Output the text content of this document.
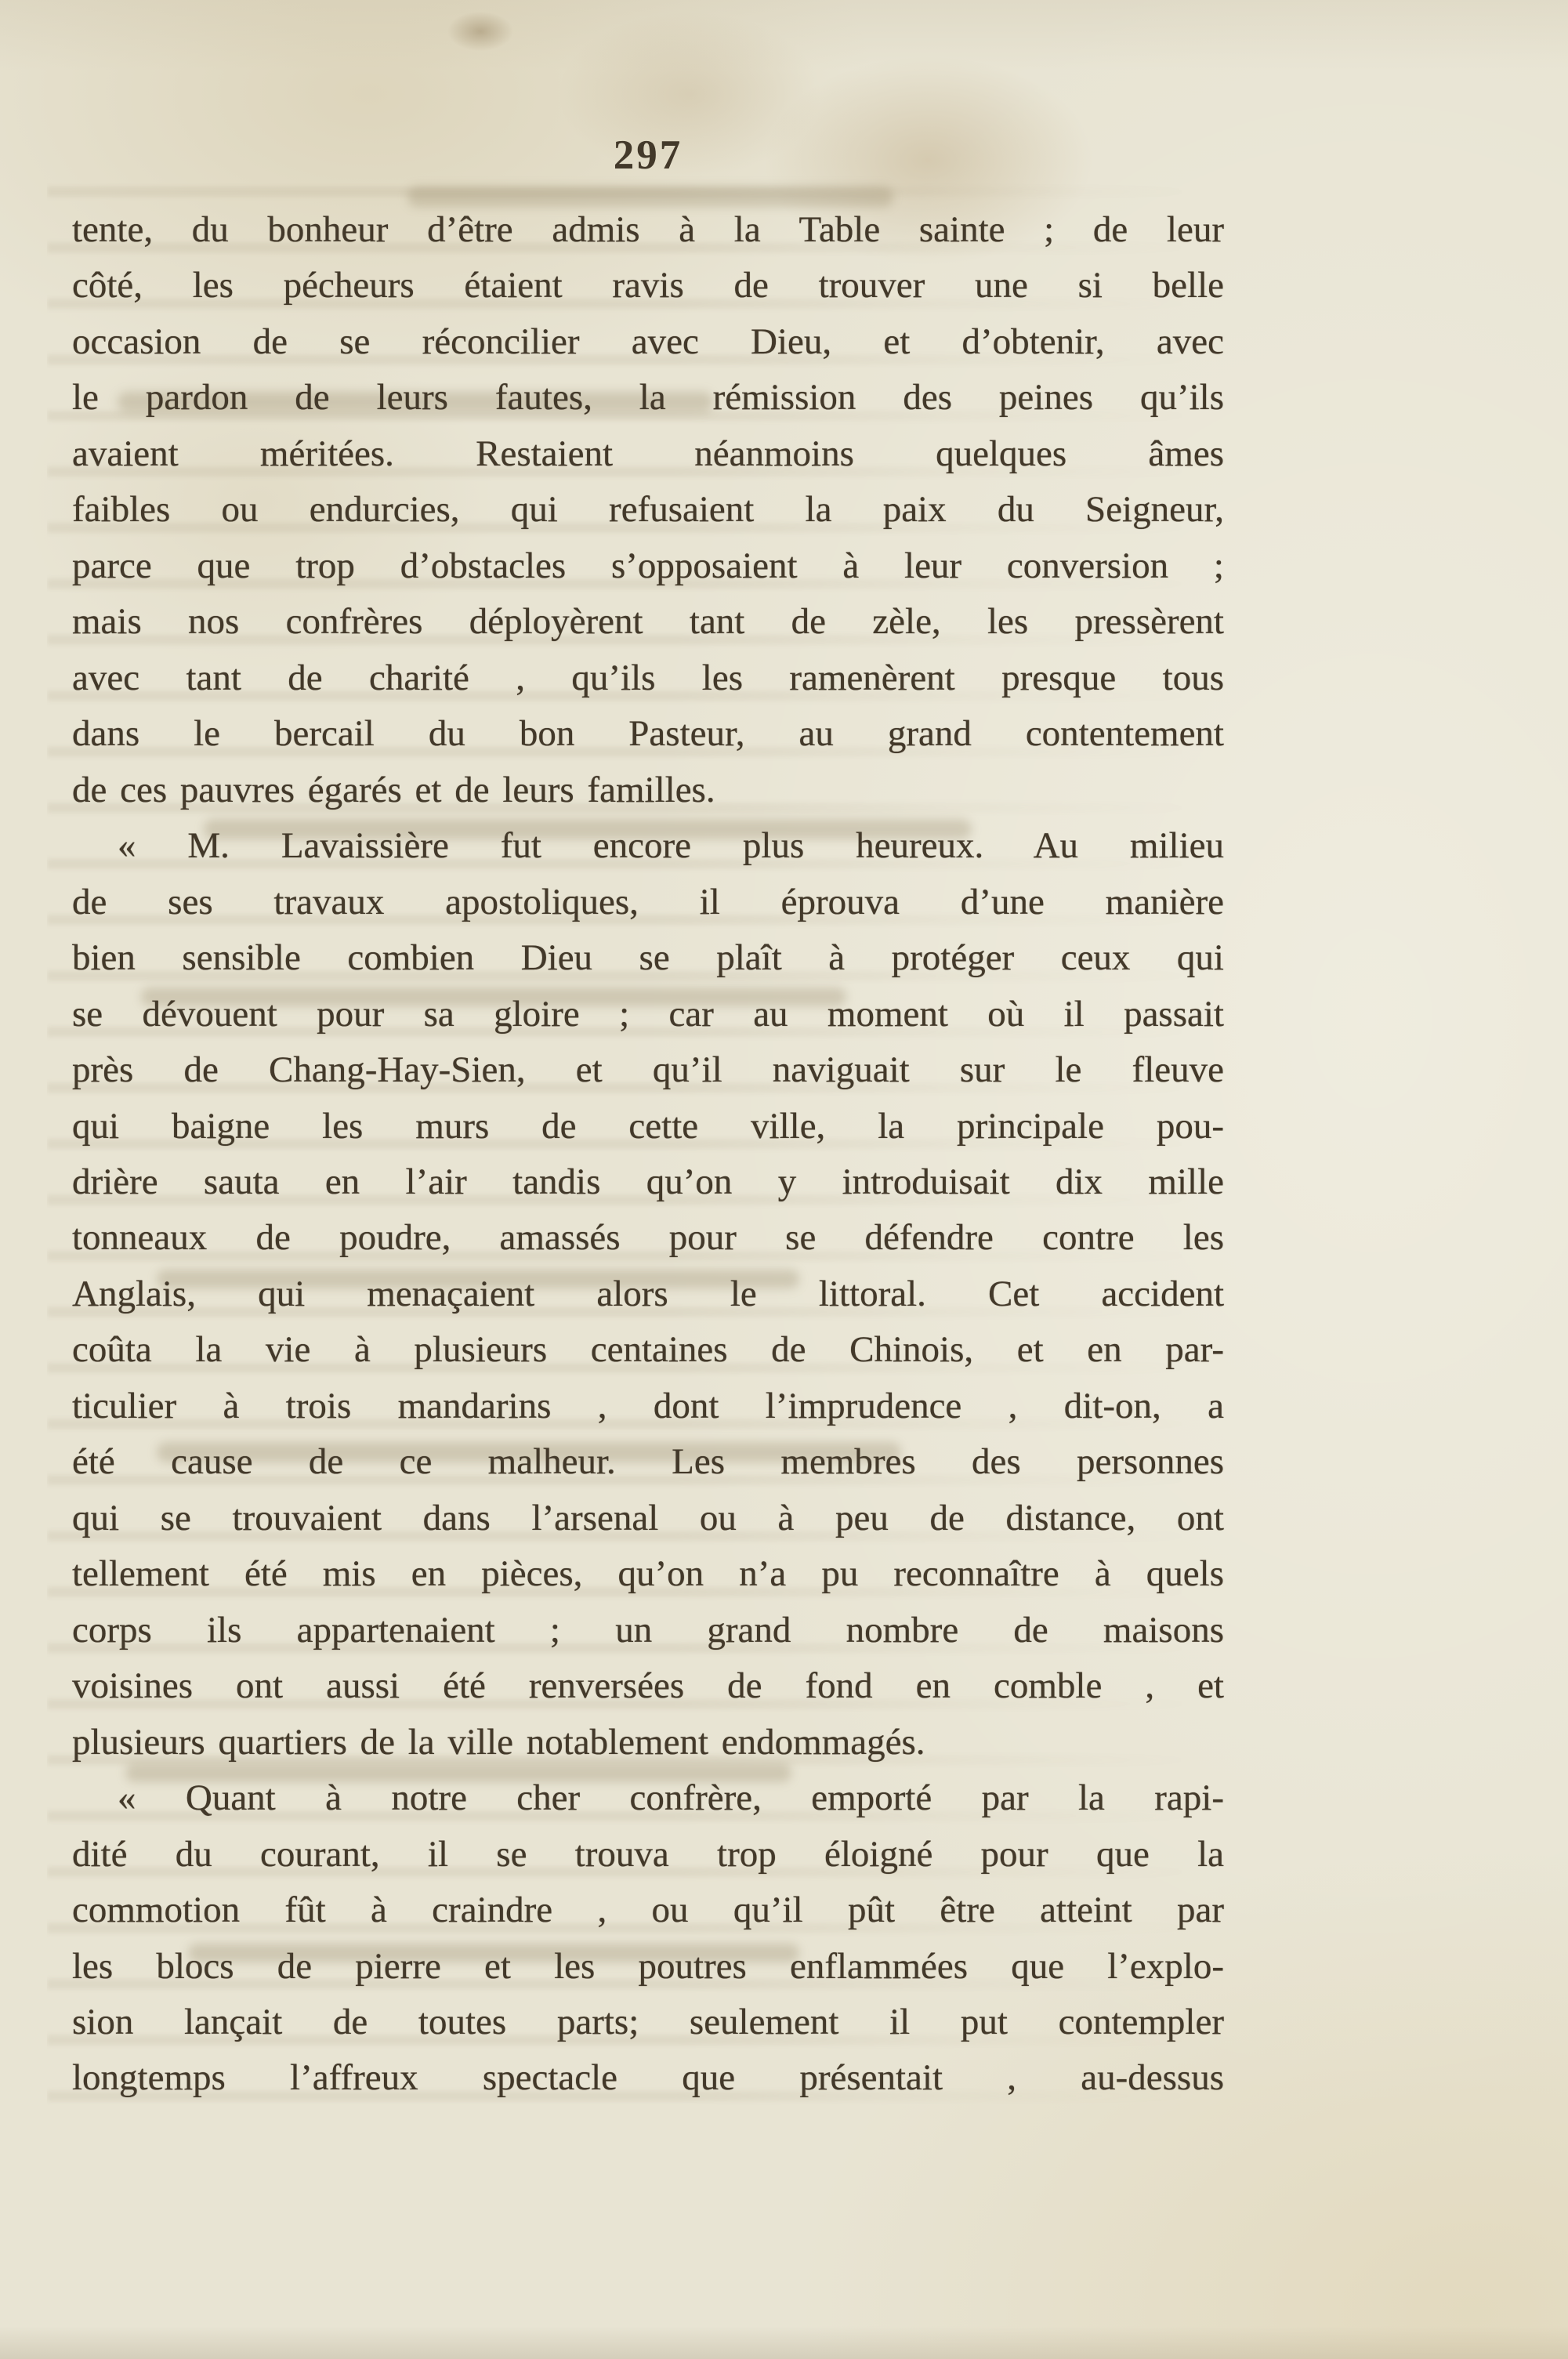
297
tente, du bonheur d’être admis à la Table sainte ; de leur
côté, les pécheurs étaient ravis de trouver une si belle
occasion de se réconcilier avec Dieu, et d’obtenir, avec
le pardon de leurs fautes, la rémission des peines qu’ils
avaient méritées. Restaient néanmoins quelques âmes
faibles ou endurcies, qui refusaient la paix du Seigneur,
parce que trop d’obstacles s’opposaient à leur conversion ;
mais nos confrères déployèrent tant de zèle, les pressèrent
avec tant de charité , qu’ils les ramenèrent presque tous
dans le bercail du bon Pasteur, au grand contentement
de ces pauvres égarés et de leurs familles.
« M. Lavaissière fut encore plus heureux. Au milieu
de ses travaux apostoliques, il éprouva d’une manière
bien sensible combien Dieu se plaît à protéger ceux qui
se dévouent pour sa gloire ; car au moment où il passait
près de Chang-Hay-Sien, et qu’il naviguait sur le fleuve
qui baigne les murs de cette ville, la principale pou-
drière sauta en l’air tandis qu’on y introduisait dix mille
tonneaux de poudre, amassés pour se défendre contre les
Anglais, qui menaçaient alors le littoral. Cet accident
coûta la vie à plusieurs centaines de Chinois, et en par-
ticulier à trois mandarins , dont l’imprudence , dit-on, a
été cause de ce malheur. Les membres des personnes
qui se trouvaient dans l’arsenal ou à peu de distance, ont
tellement été mis en pièces, qu’on n’a pu reconnaître à quels
corps ils appartenaient ; un grand nombre de maisons
voisines ont aussi été renversées de fond en comble , et
plusieurs quartiers de la ville notablement endommagés.
« Quant à notre cher confrère, emporté par la rapi-
dité du courant, il se trouva trop éloigné pour que la
commotion fût à craindre , ou qu’il pût être atteint par
les blocs de pierre et les poutres enflammées que l’explo-
sion lançait de toutes parts; seulement il put contempler
longtemps l’affreux spectacle que présentait , au-dessus
